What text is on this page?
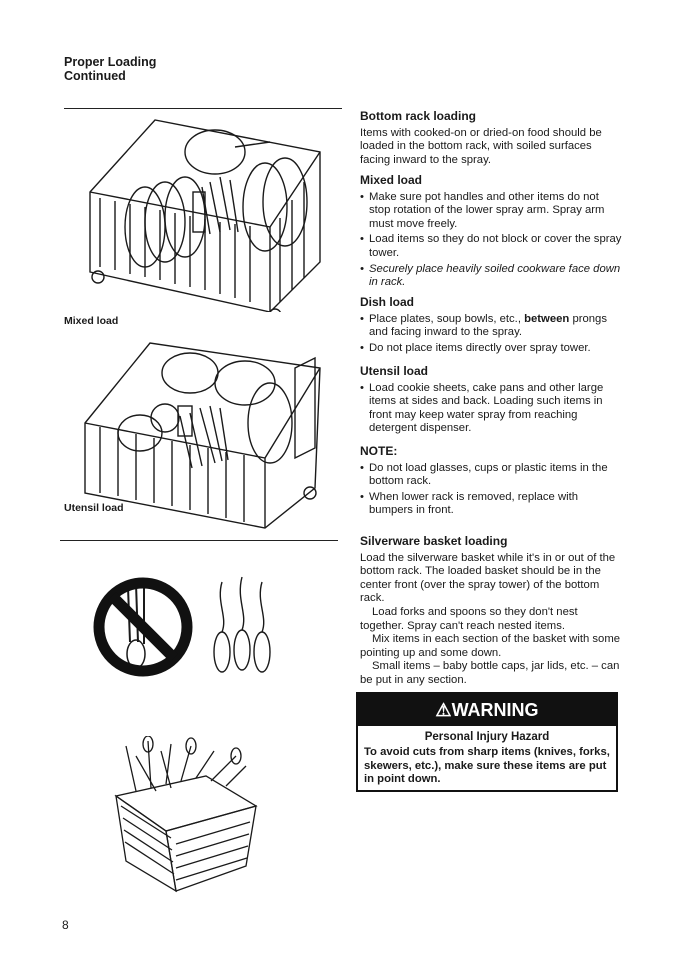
Proper Loading
Continued
Mixed load
Utensil load
Bottom rack loading

Items with cooked-on or dried-on food should be loaded in the bottom rack, with soiled surfaces facing inward to the spray.

Mixed load
• Make sure pot handles and other items do not stop rotation of the lower spray arm. Spray arm must move freely.
• Load items so they do not block or cover the spray tower.
• Securely place heavily soiled cookware face down in rack.
Dish load
• Place plates, soup bowls, etc., between prongs and facing inward to the spray.
• Do not place items directly over spray tower.
Utensil load
• Load cookie sheets, cake pans and other large items at sides and back. Loading such items in front may keep water spray from reaching detergent dispenser.
NOTE:
• Do not load glasses, cups or plastic items in the bottom rack.
• When lower rack is removed, replace with bumpers in front.
Silverware basket loading

Load the silverware basket while it's in or out of the bottom rack. The loaded basket should be in the center front (over the spray tower) of the bottom rack.

Load forks and spoons so they don't nest together. Spray can't reach nested items.

Mix items in each section of the basket with some pointing up and some down.

Small items – baby bottle caps, jar lids, etc. – can be put in any section.

⚠WARNING
Personal Injury Hazard
To avoid cuts from sharp items (knives, forks, skewers, etc.), make sure these items are put in point down.
8
